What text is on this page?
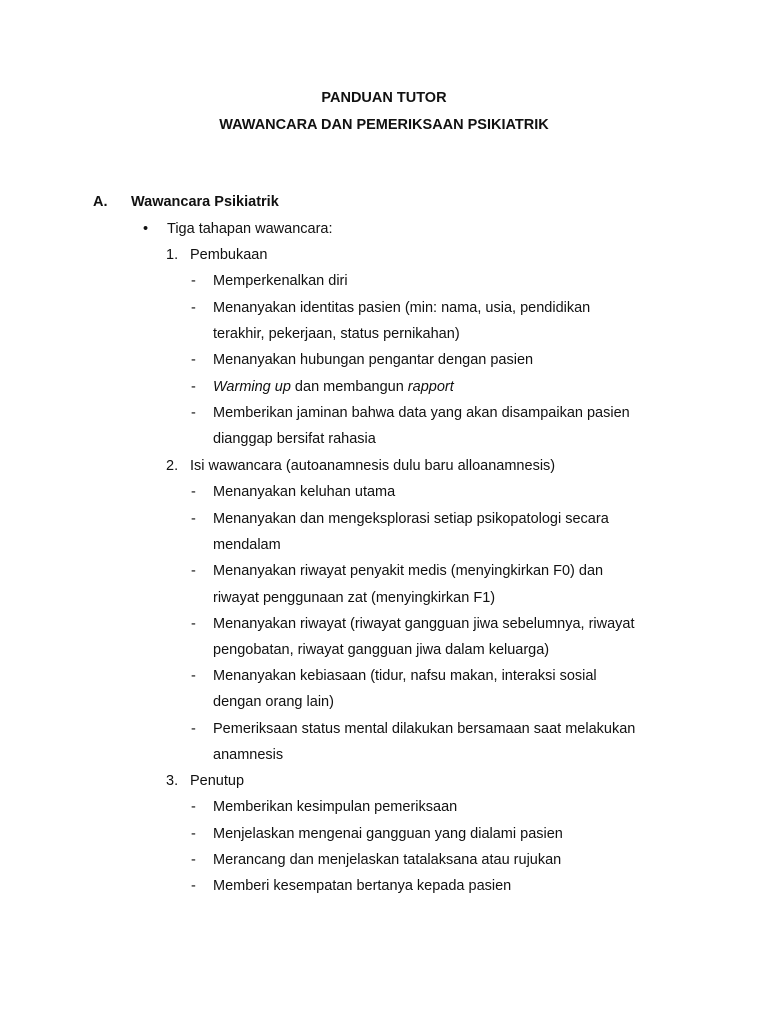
PANDUAN TUTOR
WAWANCARA DAN PEMERIKSAAN PSIKIATRIK
A. Wawancara Psikiatrik
• Tiga tahapan wawancara:
1. Pembukaan
- Memperkenalkan diri
- Menanyakan identitas pasien (min: nama, usia, pendidikan
terakhir, pekerjaan, status pernikahan)
- Menanyakan hubungan pengantar dengan pasien
- Warming up dan membangun rapport
- Memberikan jaminan bahwa data yang akan disampaikan pasien
dianggap bersifat rahasia
2. Isi wawancara (autoanamnesis dulu baru alloanamnesis)
- Menanyakan keluhan utama
- Menanyakan dan mengeksplorasi setiap psikopatologi secara
mendalam
- Menanyakan riwayat penyakit medis (menyingkirkan F0) dan
riwayat penggunaan zat (menyingkirkan F1)
- Menanyakan riwayat (riwayat gangguan jiwa sebelumnya, riwayat
pengobatan, riwayat gangguan jiwa dalam keluarga)
- Menanyakan kebiasaan (tidur, nafsu makan, interaksi sosial
dengan orang lain)
- Pemeriksaan status mental dilakukan bersamaan saat melakukan
anamnesis
3. Penutup
- Memberikan kesimpulan pemeriksaan
- Menjelaskan mengenai gangguan yang dialami pasien
- Merancang dan menjelaskan tatalaksana atau rujukan
- Memberi kesempatan bertanya kepada pasien
